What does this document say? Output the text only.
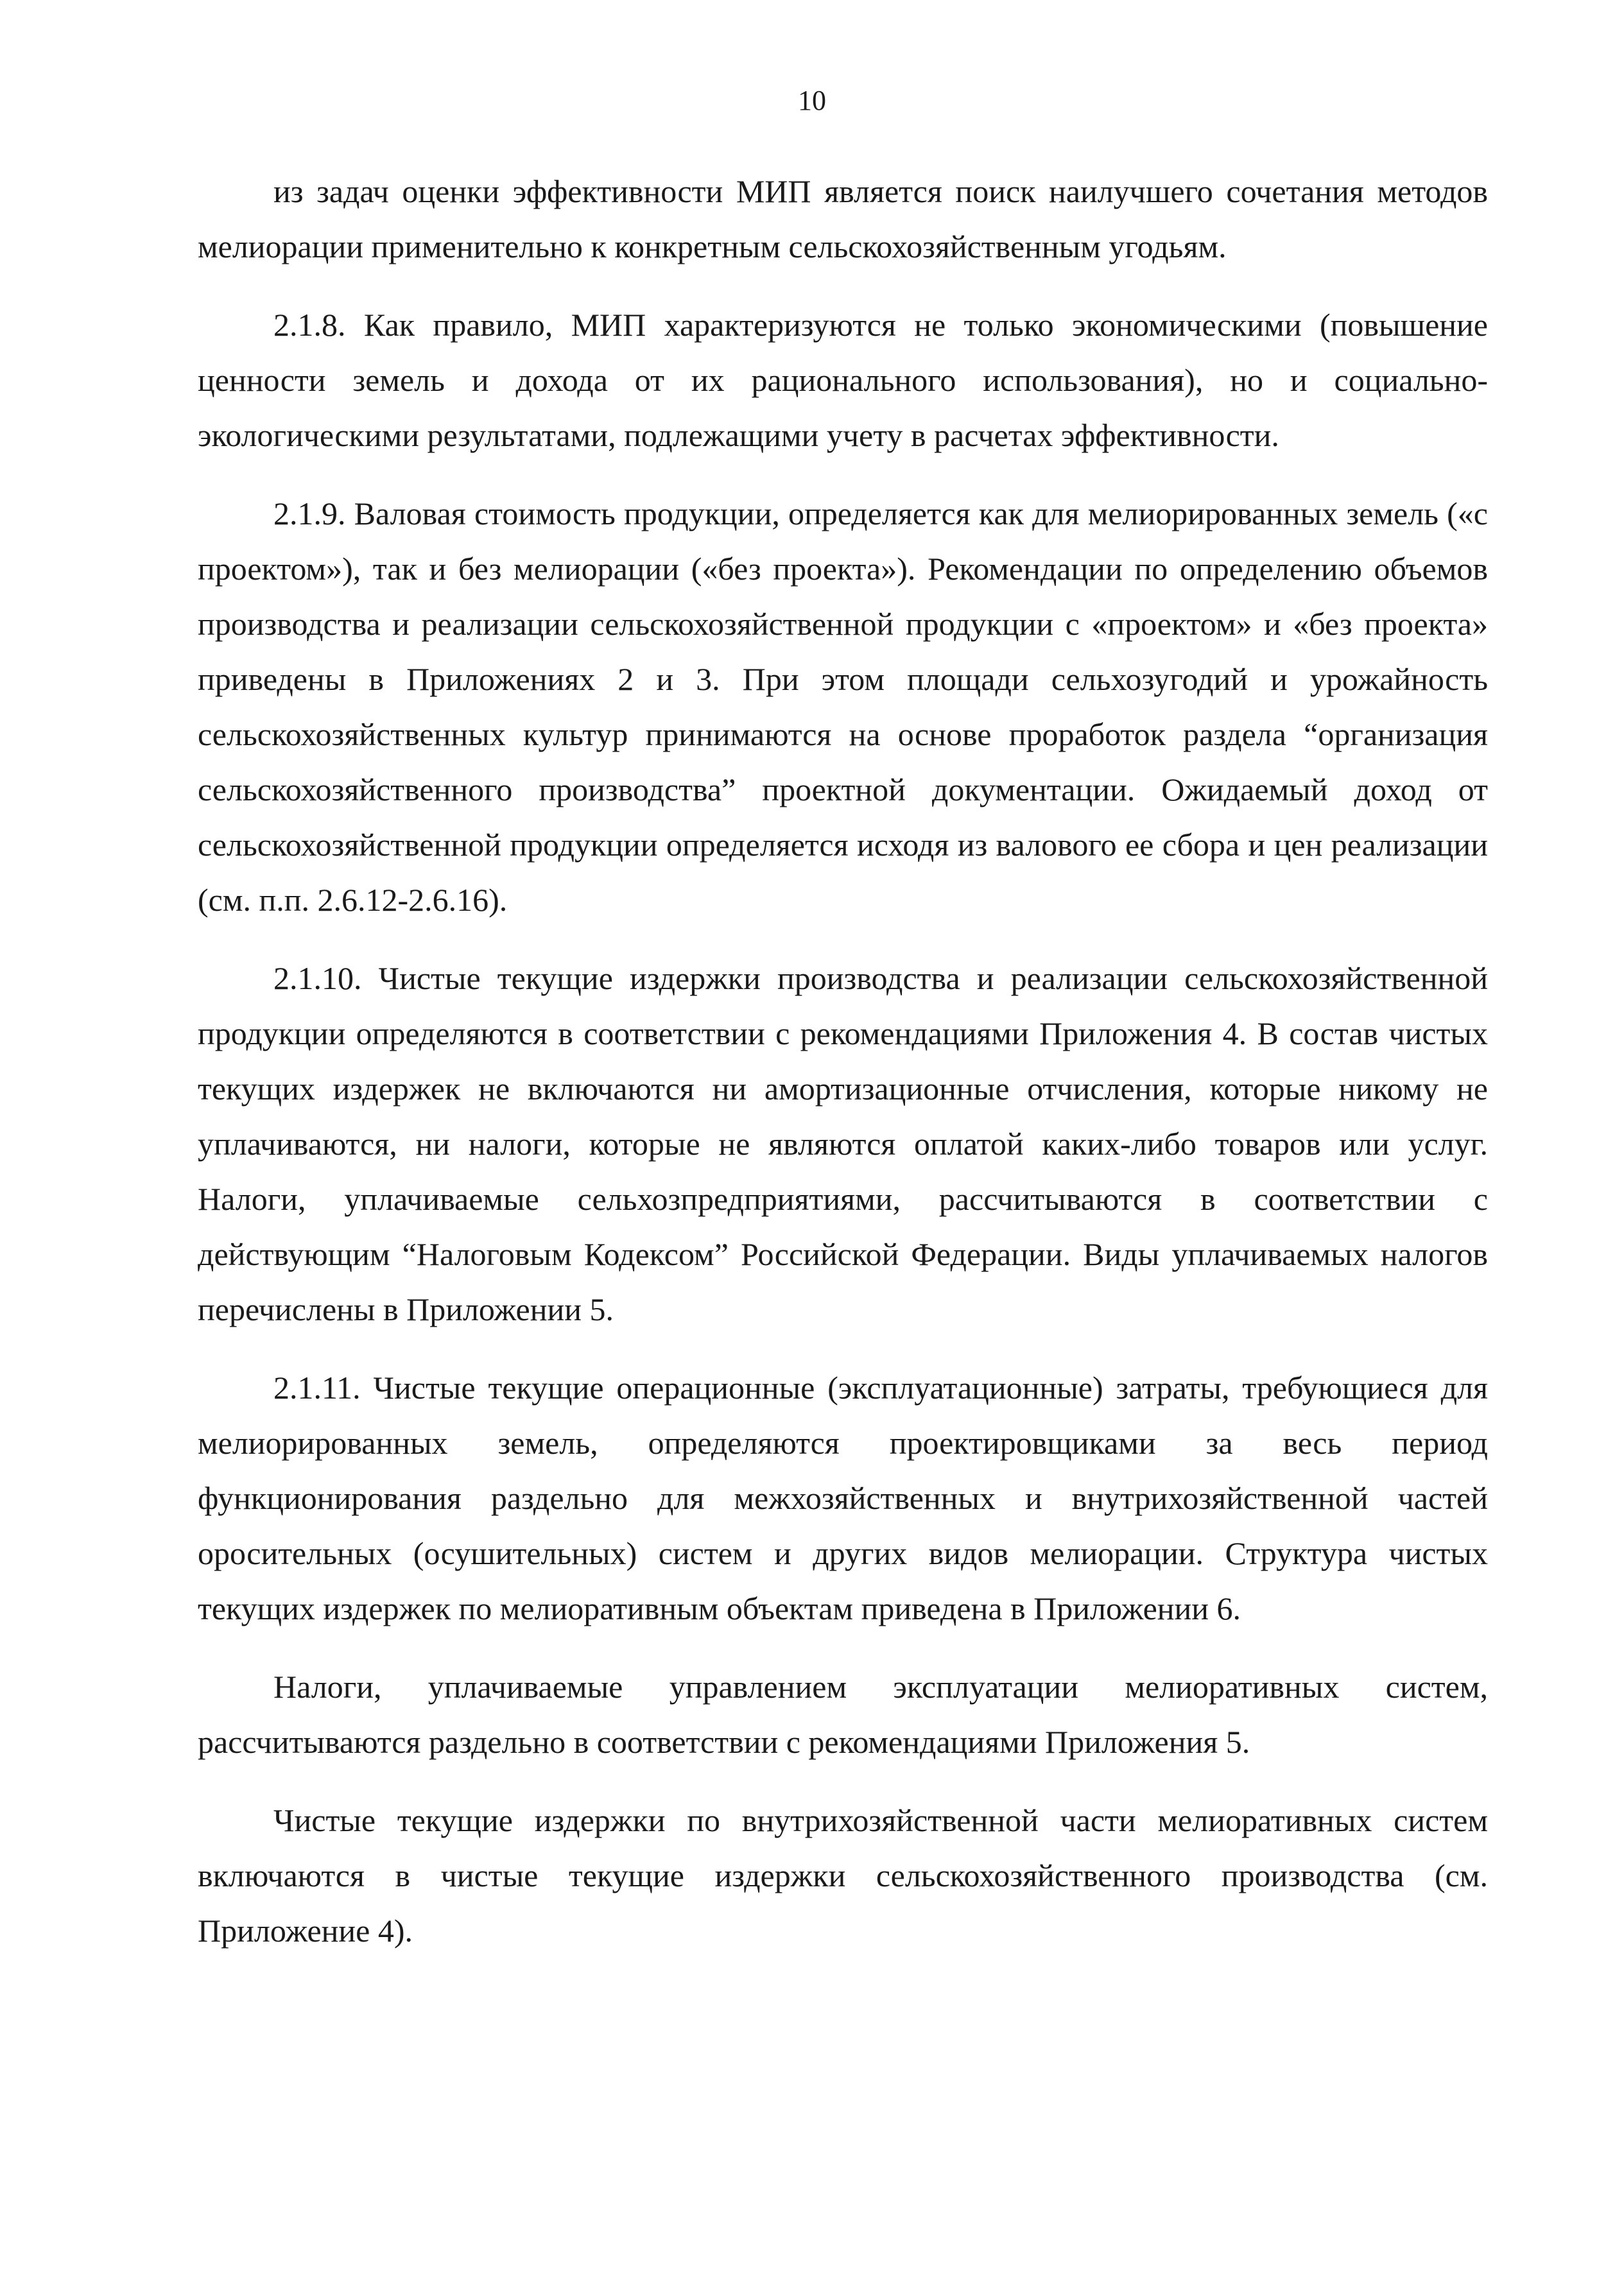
10

из задач оценки эффективности МИП является поиск наилучшего сочетания методов мелиорации применительно к конкретным сельскохозяйственным угодьям.

2.1.8. Как правило, МИП характеризуются не только экономическими (повышение ценности земель и дохода от их рационального использования), но и социально-экологическими результатами, подлежащими учету в расчетах эффективности.

2.1.9. Валовая стоимость продукции, определяется как для мелиорированных земель («с проектом»), так и без мелиорации («без проекта»). Рекомендации по определению объемов производства и реализации сельскохозяйственной продукции с «проектом» и «без проекта» приведены в Приложениях 2 и 3. При этом площади сельхозугодий и урожайность сельскохозяйственных культур принимаются на основе проработок раздела “организация сельскохозяйственного производства” проектной документации. Ожидаемый доход от сельскохозяйственной продукции определяется исходя из валового ее сбора и цен реализации (см. п.п. 2.6.12-2.6.16).

2.1.10. Чистые текущие издержки производства и реализации сельскохозяйственной продукции определяются в соответствии с рекомендациями Приложения 4. В состав чистых текущих издержек не включаются ни амортизационные отчисления, которые никому не уплачиваются, ни налоги, которые не являются оплатой каких-либо товаров или услуг. Налоги, уплачиваемые сельхозпредприятиями, рассчитываются в соответствии с действующим “Налоговым Кодексом” Российской Федерации. Виды уплачиваемых налогов перечислены в Приложении 5.

2.1.11. Чистые текущие операционные (эксплуатационные) затраты, требующиеся для мелиорированных земель, определяются проектировщиками за весь период функционирования раздельно для межхозяйственных и внутрихозяйственной частей оросительных (осушительных) систем и других видов мелиорации. Структура чистых текущих издержек по мелиоративным объектам приведена в Приложении 6.

Налоги, уплачиваемые управлением эксплуатации мелиоративных систем, рассчитываются раздельно в соответствии с рекомендациями Приложения 5.

Чистые текущие издержки по внутрихозяйственной части мелиоративных систем включаются в чистые текущие издержки сельскохозяйственного производства (см. Приложение 4).
